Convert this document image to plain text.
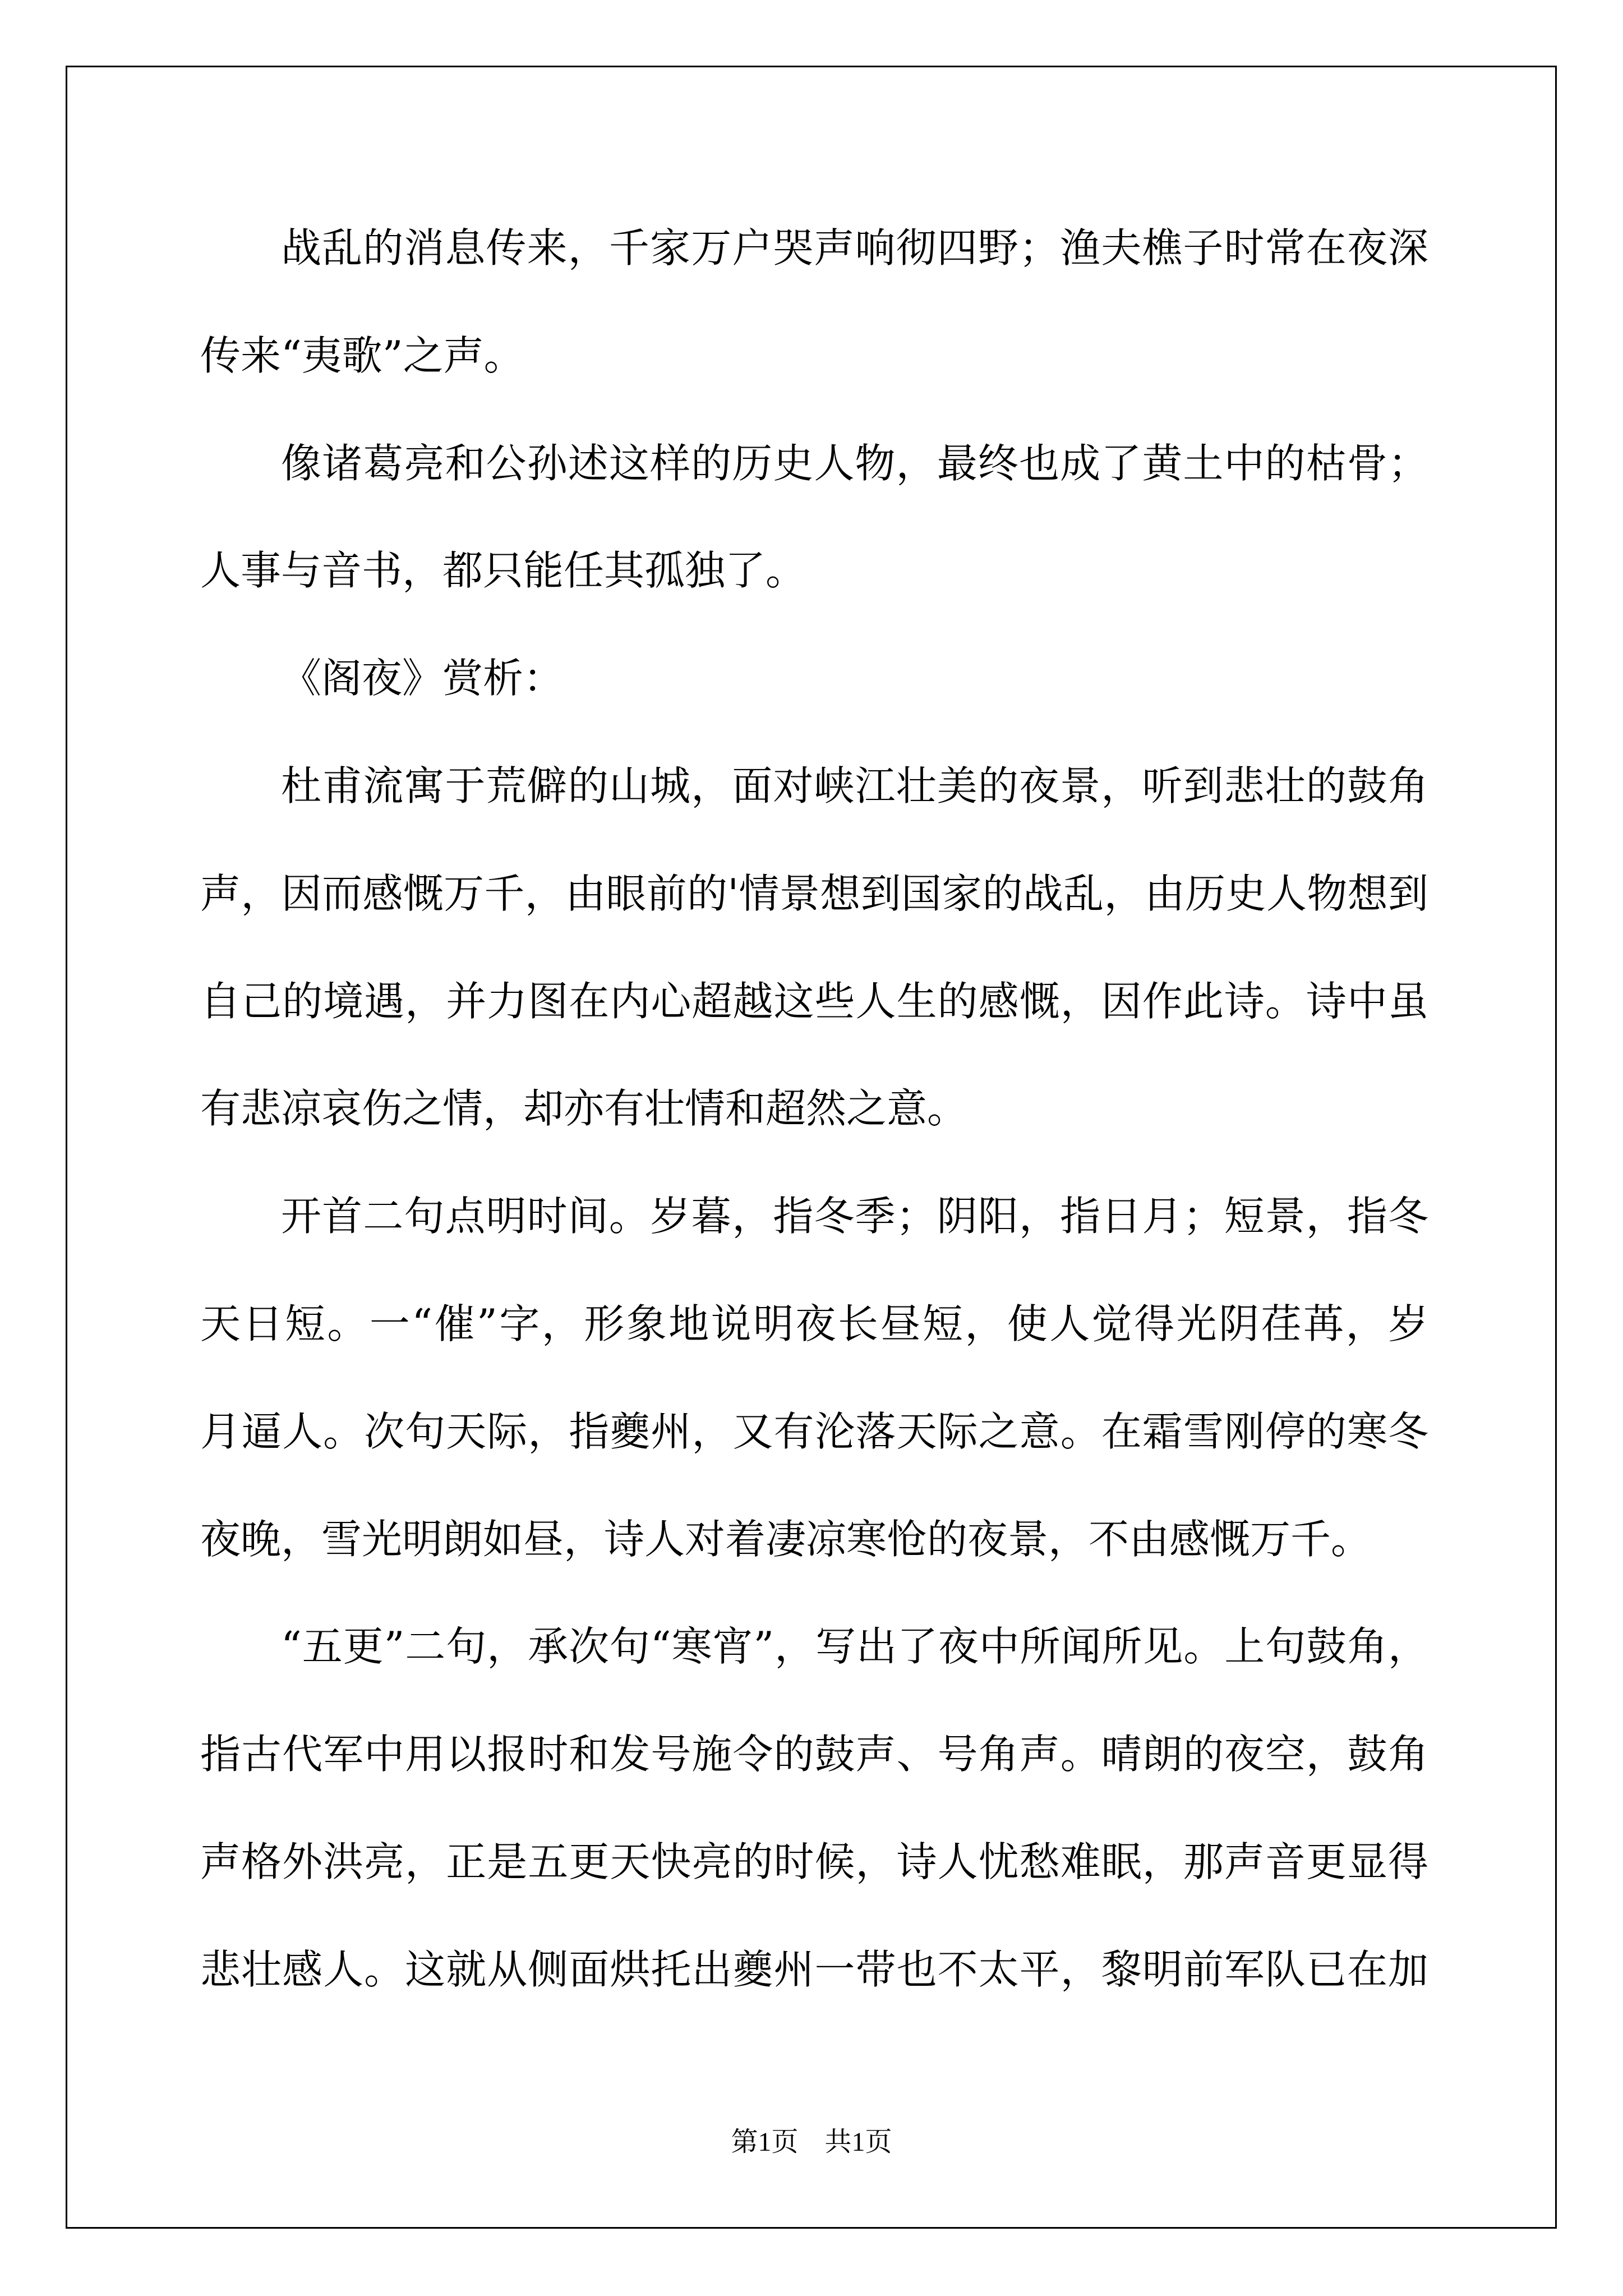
战乱的消息传来，千家万户哭声响彻四野；渔夫樵子时常在夜深
传来“夷歌”之声。
像诸葛亮和公孙述这样的历史人物，最终也成了黄土中的枯骨；
人事与音书，都只能任其孤独了。
《阁夜》赏析：
杜甫流寓于荒僻的山城，面对峡江壮美的夜景，听到悲壮的鼓角
声，因而感慨万千，由眼前的'情景想到国家的战乱，由历史人物想到
自己的境遇，并力图在内心超越这些人生的感慨，因作此诗。诗中虽
有悲凉哀伤之情，却亦有壮情和超然之意。
开首二句点明时间。岁暮，指冬季；阴阳，指日月；短景，指冬
天日短。一“催”字，形象地说明夜长昼短，使人觉得光阴荏苒，岁
月逼人。次句天际，指夔州，又有沦落天际之意。在霜雪刚停的寒冬
夜晚，雪光明朗如昼，诗人对着凄凉寒怆的夜景，不由感慨万千。
“五更”二句，承次句“寒宵”，写出了夜中所闻所见。上句鼓角，
指古代军中用以报时和发号施令的鼓声、号角声。晴朗的夜空，鼓角
声格外洪亮，正是五更天快亮的时候，诗人忧愁难眠，那声音更显得
悲壮感人。这就从侧面烘托出夔州一带也不太平，黎明前军队已在加
第1页 共1页
